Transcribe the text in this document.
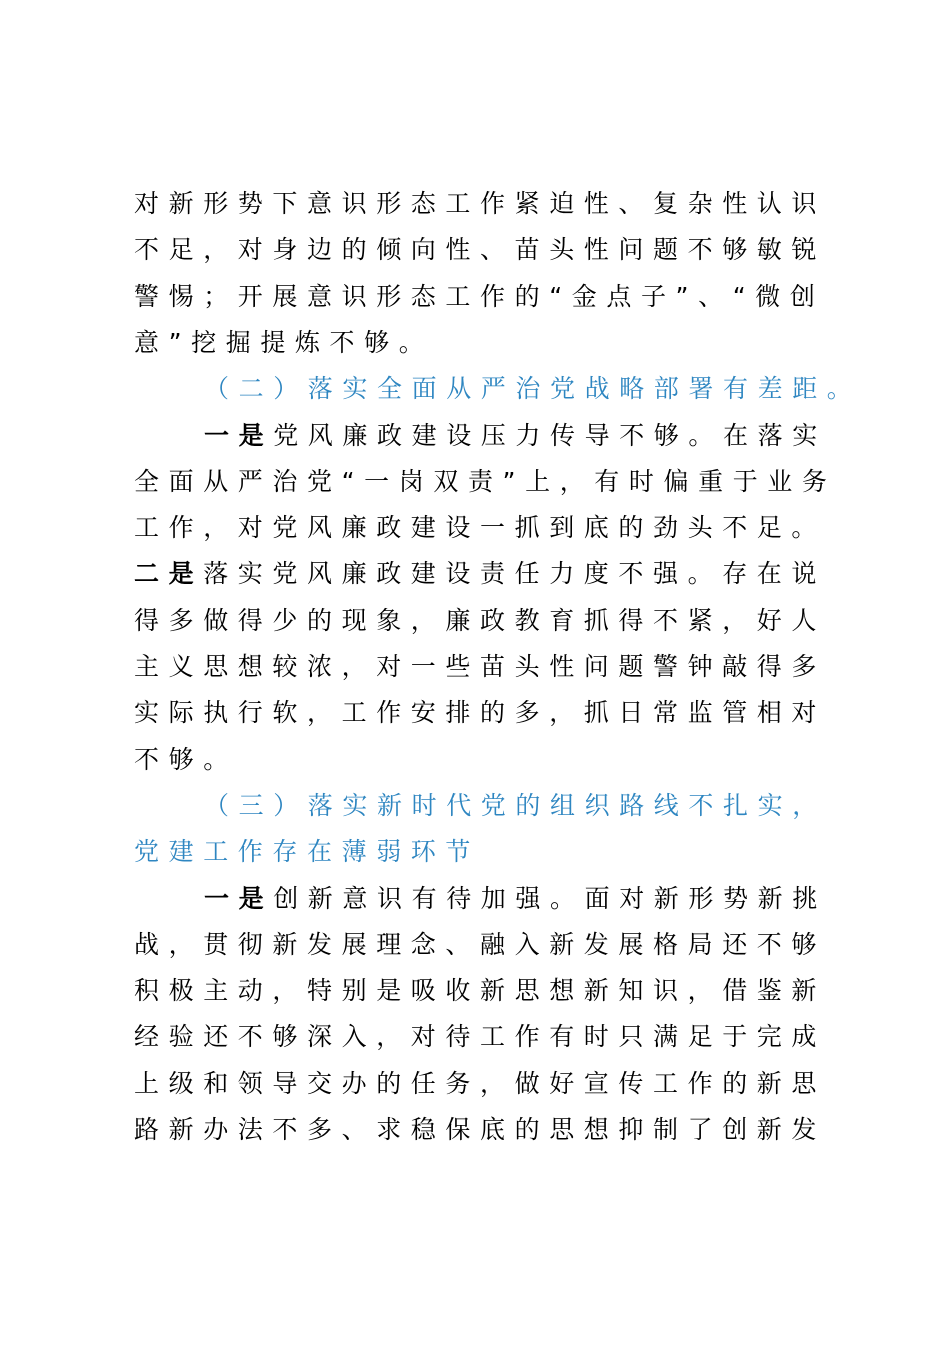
对新形势下意识形态工作紧迫性、复杂性认识
不足，对身边的倾向性、苗头性问题不够敏锐
警惕；开展意识形态工作的“金点子”、“微创
意”挖掘提炼不够。
（二）落实全面从严治党战略部署有差距。
一是党风廉政建设压力传导不够。在落实
全面从严治党“一岗双责”上，有时偏重于业务
工作，对党风廉政建设一抓到底的劲头不足。
二是落实党风廉政建设责任力度不强。存在说
得多做得少的现象，廉政教育抓得不紧，好人
主义思想较浓，对一些苗头性问题警钟敲得多
实际执行软，工作安排的多，抓日常监管相对
不够。
（三）落实新时代党的组织路线不扎实，
党建工作存在薄弱环节
一是创新意识有待加强。面对新形势新挑
战，贯彻新发展理念、融入新发展格局还不够
积极主动，特别是吸收新思想新知识，借鉴新
经验还不够深入，对待工作有时只满足于完成
上级和领导交办的任务，做好宣传工作的新思
路新办法不多、求稳保底的思想抑制了创新发
